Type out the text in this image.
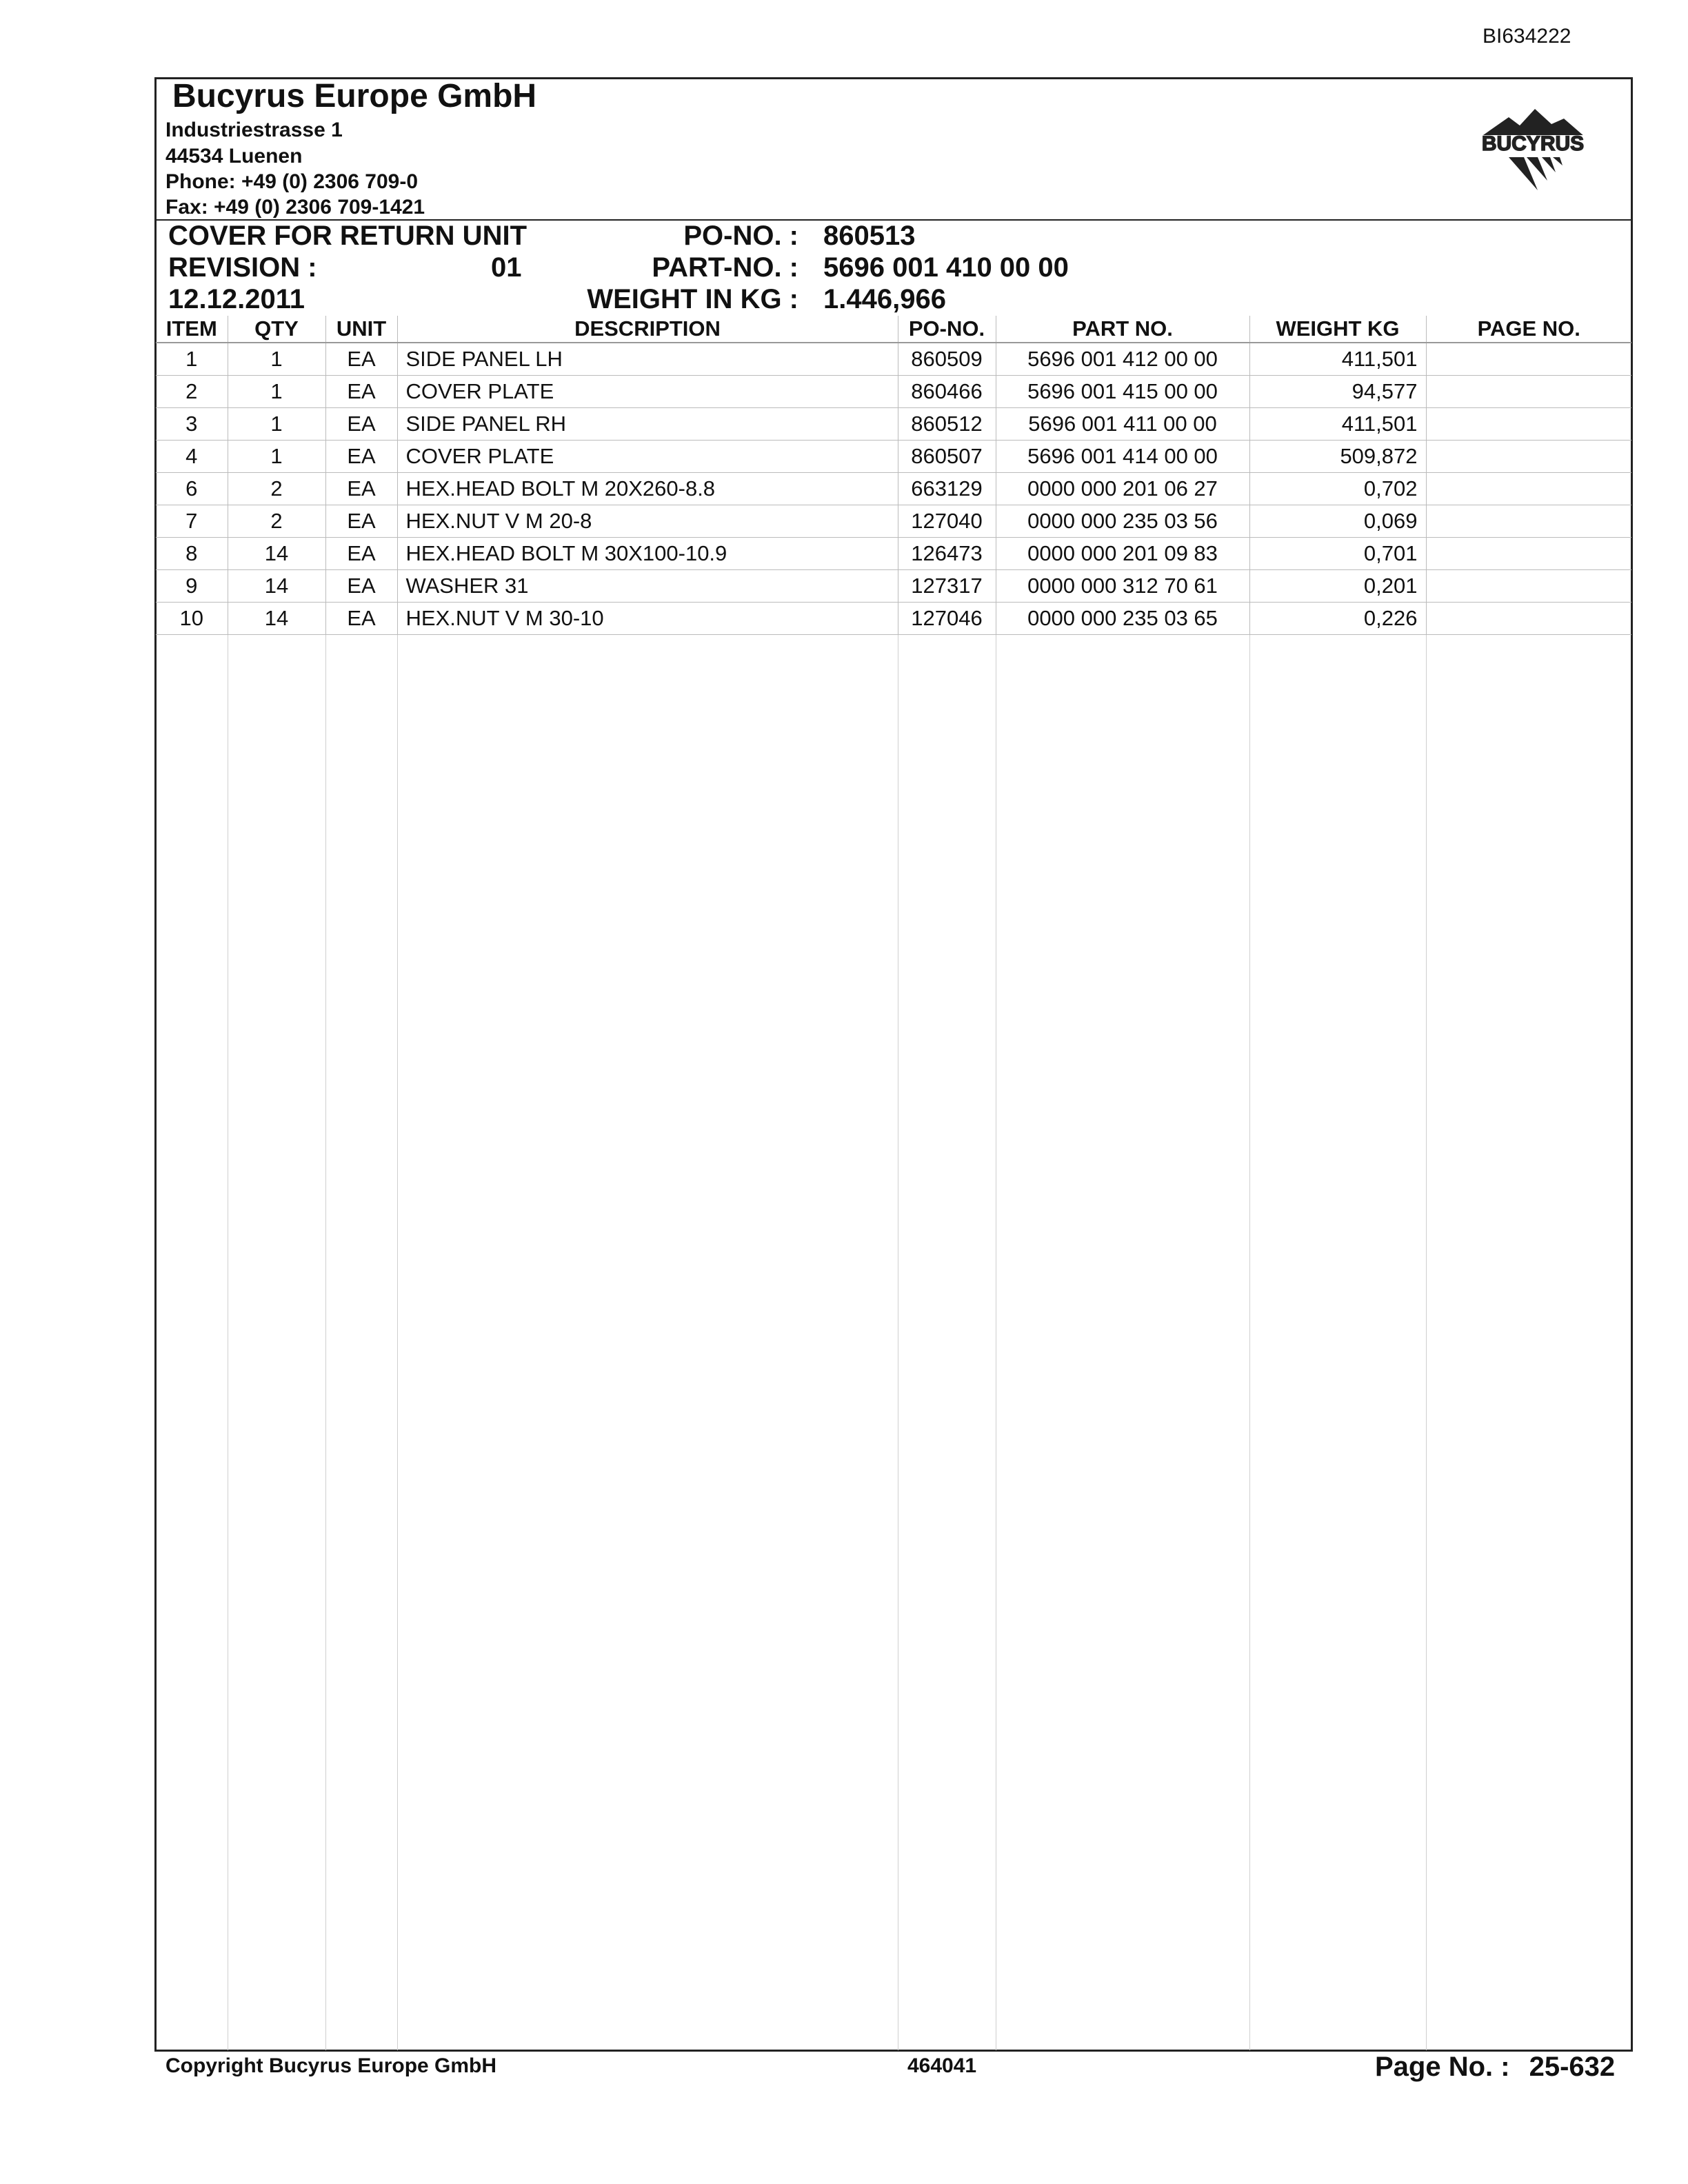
BI634222
Bucyrus Europe GmbH
Industriestrasse 1
44534 Luenen
Phone: +49 (0) 2306 709-0
Fax: +49 (0) 2306 709-1421
BUCYRUS
COVER FOR RETURN UNIT
REVISION :	01
12.12.2011
PO-NO. :
PART-NO. :
WEIGHT IN KG :
860513
5696 001 410 00 00
1.446,966
ITEM	QTY	UNIT	DESCRIPTION	PO-NO.	PART NO.	WEIGHT KG	PAGE NO.
1	1	EA	SIDE PANEL LH	860509	5696 001 412 00 00	411,501	
2	1	EA	COVER PLATE	860466	5696 001 415 00 00	94,577	
3	1	EA	SIDE PANEL RH	860512	5696 001 411 00 00	411,501	
4	1	EA	COVER PLATE	860507	5696 001 414 00 00	509,872	
6	2	EA	HEX.HEAD BOLT M 20X260-8.8	663129	0000 000 201 06 27	0,702	
7	2	EA	HEX.NUT V M 20-8	127040	0000 000 235 03 56	0,069	
8	14	EA	HEX.HEAD BOLT M 30X100-10.9	126473	0000 000 201 09 83	0,701	
9	14	EA	WASHER 31	127317	0000 000 312 70 61	0,201	
10	14	EA	HEX.NUT V M 30-10	127046	0000 000 235 03 65	0,226	
Copyright Bucyrus Europe GmbH	464041	Page No. : 25-632
